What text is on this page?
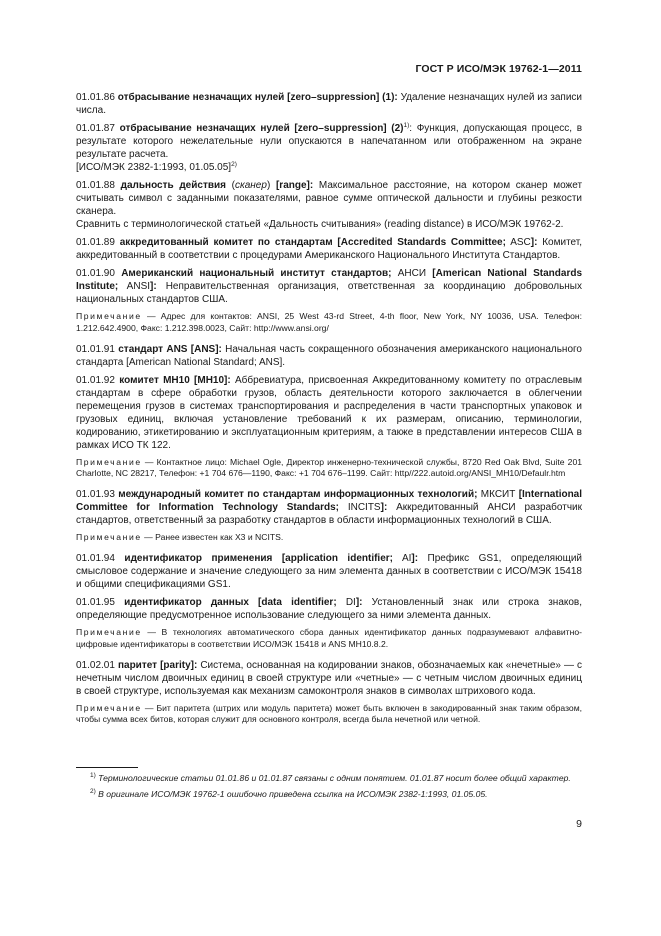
ГОСТ Р ИСО/МЭК 19762-1—2011

01.01.86 отбрасывание незначащих нулей [zero–suppression] (1): Удаление незначащих нулей из записи числа.

01.01.87 отбрасывание незначащих нулей [zero–suppression] $(2)^{1)}$: Функция, допускающая процесс, в результате которого нежелательные нули опускаются в напечатанном или отображенном на экране результате расчета.

[ИСО/МЭК 2382-1:1993, 01.05.05]$^{2)}$

01.01.88 дальность действия (сканер) [range]: Максимальное расстояние, на котором сканер может считывать символ с заданными показателями, равное сумме оптической дальности и глубины резкости сканера.

Сравнить с терминологической статьей «Дальность считывания» (reading distance) в ИСО/МЭК 19762-2.

01.01.89 аккредитованный комитет по стандартам [Accredited Standards Committee; ASC]: Комитет, аккредитованный в соответствии с процедурами Американского Национального Института Стандартов.

01.01.90 Американский национальный институт стандартов; АНСИ [American National Standards Institute; ANSI]: Неправительственная организация, ответственная за координацию добровольных национальных стандартов США.

Примечание — Адрес для контактов: ANSI, 25 West 43-rd Street, 4-th floor, New York, NY 10036, USA. Телефон: 1.212.642.4900, Факс: 1.212.398.0023, Сайт: http://www.ansi.org/

01.01.91 стандарт ANS [ANS]: Начальная часть сокращенного обозначения американского национального стандарта [American National Standard; ANS].

01.01.92 комитет MH10 [MH10]: Аббревиатура, присвоенная Аккредитованному комитету по отраслевым стандартам в сфере обработки грузов, область деятельности которого заключается в облегчении перемещения грузов в системах транспортирования и распределения в части транспортных упаковок и грузовых единиц, включая установление требований к их размерам, описанию, терминологии, кодированию, этикетированию и эксплуатационным критериям, а также в представлении интересов США в рамках ИСО ТК 122.

Примечание — Контактное лицо: Michael Ogle, Директор инженерно-технической службы, 8720 Red Oak Blvd, Suite 201 Charlotte, NC 28217, Телефон: +1 704 676—1190, Факс: +1 704 676–1199. Сайт: http//222.autoid.org/ANSI_MH10/Defaulr.htm

01.01.93 международный комитет по стандартам информационных технологий; МКСИТ [International Committee for Information Technology Standards; INCITS]: Аккредитованный АНСИ разработчик стандартов, ответственный за разработку стандартов в области информационных технологий в США.

Примечание — Ранее известен как X3 и NCITS.

01.01.94 идентификатор применения [application identifier; AI]: Префикс GS1, определяющий смысловое содержание и значение следующего за ним элемента данных в соответствии с ИСО/МЭК 15418 и общими спецификациями GS1.

01.01.95 идентификатор данных [data identifier; DI]: Установленный знак или строка знаков, определяющие предусмотренное использование следующего за ними элемента данных.

Примечание — В технологиях автоматического сбора данных идентификатор данных подразумевают алфавитно-цифровые идентификаторы в соответствии ИСО/МЭК 15418 и ANS MH10.8.2.

01.02.01 паритет [parity]: Система, основанная на кодировании знаков, обозначаемых как «нечетные» — с нечетным числом двоичных единиц в своей структуре или «четные» — с четным числом двоичных единиц в своей структуре, используемая как механизм самоконтроля знаков в символах штрихового кода.

Примечание — Бит паритета (штрих или модуль паритета) может быть включен в закодированный знак таким образом, чтобы сумма всех битов, которая служит для основного контроля, всегда была нечетной или четной.

$^{1)}$ Терминологические статьи 01.01.86 и 01.01.87 связаны с одним понятием. 01.01.87 носит более общий характер.

$^{2)}$ В оригинале ИСО/МЭК 19762-1 ошибочно приведена ссылка на ИСО/МЭК 2382-1:1993, 01.05.05.

9
